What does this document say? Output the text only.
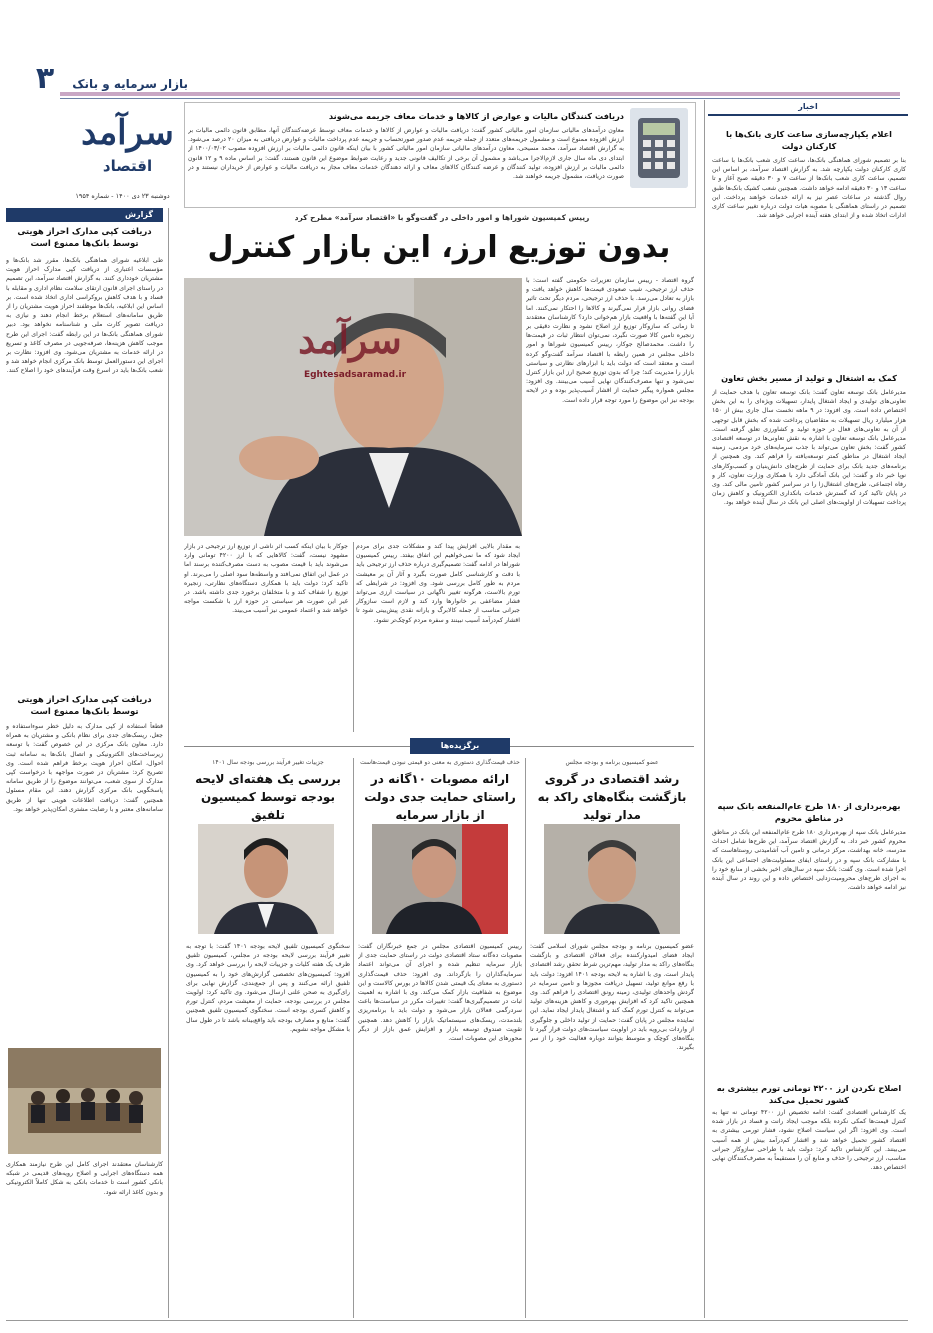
۳	بازار سرمایه و بانک
سرآمد
اقتصاد
دوشنبه ۲۳ دی ۱۴۰۰ - شماره ۱۹۵۴
گزارش
دریافت کپی مدارک احراز هویتی توسط بانک‌ها ممنوع است
طی ابلاغیه شورای هماهنگی بانک‌ها، مقرر شد بانک‌ها و مؤسسات اعتباری از دریافت کپی مدارک احراز هویت مشتریان خودداری کنند. به گزارش اقتصاد سرآمد، این تصمیم در راستای اجرای قانون ارتقای سلامت نظام اداری و مقابله با فساد و با هدف کاهش بروکراسی اداری اتخاذ شده است. بر اساس این ابلاغیه، بانک‌ها موظفند احراز هویت مشتریان را از طریق سامانه‌های استعلام برخط انجام دهند و نیازی به دریافت تصویر کارت ملی و شناسنامه نخواهد بود. دبیر شورای هماهنگی بانک‌ها در این رابطه گفت: اجرای این طرح موجب کاهش هزینه‌ها، صرفه‌جویی در مصرف کاغذ و تسریع در ارائه خدمات به مشتریان می‌شود. وی افزود: نظارت بر اجرای این دستورالعمل توسط بانک مرکزی انجام خواهد شد و شعب بانک‌ها باید در اسرع وقت فرآیندهای خود را اصلاح کنند.
دریافت کپی مدارک احراز هویتی توسط بانک‌ها ممنوع است
قطعاً استفاده از کپی مدارک به دلیل خطر سوءاستفاده و جعل، ریسک‌های جدی برای نظام بانکی و مشتریان به همراه دارد. معاون بانک مرکزی در این خصوص گفت: با توسعه زیرساخت‌های الکترونیکی و اتصال بانک‌ها به سامانه ثبت احوال، امکان احراز هویت برخط فراهم شده است. وی تصریح کرد: مشتریان در صورت مواجهه با درخواست کپی مدارک از سوی شعب، می‌توانند موضوع را از طریق سامانه پاسخگویی بانک مرکزی گزارش دهند. این مقام مسئول همچنین گفت: دریافت اطلاعات هویتی تنها از طریق سامانه‌های معتبر و با رضایت مشتری امکان‌پذیر خواهد بود.
کارشناسان معتقدند اجرای کامل این طرح نیازمند همکاری همه دستگاه‌های اجرایی و اصلاح رویه‌های قدیمی در شبکه بانکی کشور است تا خدمات بانکی به شکل کاملاً الکترونیکی و بدون کاغذ ارائه شود.
اخبار
اعلام یکپارچه‌سازی ساعت کاری بانک‌ها با کارکنان دولت
بنا بر تصمیم شورای هماهنگی بانک‌ها، ساعت کاری شعب بانک‌ها با ساعت کاری کارکنان دولت یکپارچه شد. به گزارش اقتصاد سرآمد، بر اساس این تصمیم، ساعت کاری شعب بانک‌ها از ساعت ۷ و ۳۰ دقیقه صبح آغاز و تا ساعت ۱۳ و ۳۰ دقیقه ادامه خواهد داشت. همچنین شعب کشیک بانک‌ها طبق روال گذشته در ساعات عصر نیز به ارائه خدمات خواهند پرداخت. این تصمیم در راستای هماهنگی با مصوبه هیات دولت درباره تغییر ساعت کاری ادارات اتخاذ شده و از ابتدای هفته آینده اجرایی خواهد شد.
کمک به اشتغال و تولید از مسیر بخش تعاون
مدیرعامل بانک توسعه تعاون گفت: بانک توسعه تعاون با هدف حمایت از تعاونی‌های تولیدی و ایجاد اشتغال پایدار، تسهیلات ویژه‌ای را به این بخش اختصاص داده است. وی افزود: در ۹ ماهه نخست سال جاری بیش از ۱۵۰ هزار میلیارد ریال تسهیلات به متقاضیان پرداخت شده که بخش قابل توجهی از آن به تعاونی‌های فعال در حوزه تولید و کشاورزی تعلق گرفته است. مدیرعامل بانک توسعه تعاون با اشاره به نقش تعاونی‌ها در توسعه اقتصادی کشور گفت: بخش تعاون می‌تواند با جذب سرمایه‌های خرد مردمی، زمینه ایجاد اشتغال در مناطق کمتر توسعه‌یافته را فراهم کند. وی همچنین از برنامه‌های جدید بانک برای حمایت از طرح‌های دانش‌بنیان و کسب‌وکارهای نوپا خبر داد و گفت: این بانک آمادگی دارد با همکاری وزارت تعاون، کار و رفاه اجتماعی، طرح‌های اشتغال‌زا را در سراسر کشور تامین مالی کند. وی در پایان تاکید کرد که گسترش خدمات بانکداری الکترونیک و کاهش زمان پرداخت تسهیلات از اولویت‌های اصلی این بانک در سال آینده خواهد بود.
بهره‌برداری از ۱۸۰ طرح عام‌المنفعه بانک سپه در مناطق محروم
مدیرعامل بانک سپه از بهره‌برداری ۱۸۰ طرح عام‌المنفعه این بانک در مناطق محروم کشور خبر داد. به گزارش اقتصاد سرآمد، این طرح‌ها شامل احداث مدرسه، خانه بهداشت، مرکز درمانی و تامین آب آشامیدنی روستاهاست که با مشارکت بانک سپه و در راستای ایفای مسئولیت‌های اجتماعی این بانک اجرا شده است. وی گفت: بانک سپه در سال‌های اخیر بخشی از منابع خود را به اجرای طرح‌های محرومیت‌زدایی اختصاص داده و این روند در سال آینده نیز ادامه خواهد داشت.
اصلاح نکردن ارز ۴۲۰۰ تومانی تورم بیشتری به کشور تحمیل می‌کند
یک کارشناس اقتصادی گفت: ادامه تخصیص ارز ۴۲۰۰ تومانی نه تنها به کنترل قیمت‌ها کمکی نکرده بلکه موجب ایجاد رانت و فساد در بازار شده است. وی افزود: اگر این سیاست اصلاح نشود، فشار تورمی بیشتری به اقتصاد کشور تحمیل خواهد شد و اقشار کم‌درآمد بیش از همه آسیب می‌بینند. این کارشناس تاکید کرد: دولت باید با طراحی سازوکار جبرانی مناسب، ارز ترجیحی را حذف و منابع آن را مستقیماً به مصرف‌کنندگان نهایی اختصاص دهد.
دریافت کنندگان مالیات و عوارض از کالاها و خدمات معاف جریمه می‌شوند
معاون درآمدهای مالیاتی سازمان امور مالیاتی کشور گفت: دریافت مالیات و عوارض از کالاها و خدمات معاف توسط عرضه‌کنندگان آنها، مطابق قانون دائمی مالیات بر ارزش افزوده ممنوع است و مشمول جریمه‌های متعدد از جمله جریمه عدم صدور صورتحساب و جریمه عدم پرداخت مالیات و عوارض دریافتی به میزان ۲۰ درصد می‌شود. به گزارش اقتصاد سرآمد، محمد مسیحی، معاون درآمدهای مالیاتی سازمان امور مالیاتی کشور با بیان اینکه قانون دائمی مالیات بر ارزش افزوده مصوب ۱۴۰۰/۰۳/۰۲ از ابتدای دی ماه سال جاری لازم‌الاجرا می‌باشد و مشمول آن برخی از تکالیف قانونی جدید و رعایت ضوابط موضوع این قانون هستند، گفت: بر اساس ماده ۹ و ۱۲ قانون دائمی مالیات بر ارزش افزوده، تولید کنندگان و عرضه کنندگان کالاهای معاف و ارائه دهندگان خدمات معاف مجاز به دریافت مالیات و عوارض از خریداران نیستند و در صورت دریافت، مشمول جریمه خواهند شد.
رییس کمیسیون شوراها و امور داخلی در گفت‌وگو با «اقتصاد سرآمد» مطرح کرد
بدون توزیع ارز، این بازار کنترل
سرآمد
Eghtesadsaramad.ir
گروه اقتصاد - رییس سازمان تعزیرات حکومتی گفته است: با حذف ارز ترجیحی، شیب صعودی قیمت‌ها کاهش خواهد یافت و بازار به تعادل می‌رسد. با حذف ارز ترجیحی، مردم دیگر تحت تاثیر فضای روانی بازار قرار نمی‌گیرند و کالاها را احتکار نمی‌کنند. اما آیا این گفته‌ها با واقعیت بازار هم‌خوانی دارد؟ کارشناسان معتقدند تا زمانی که سازوکار توزیع ارز اصلاح نشود و نظارت دقیقی بر زنجیره تامین کالا صورت نگیرد، نمی‌توان انتظار ثبات در قیمت‌ها را داشت. محمدصالح جوکار، رییس کمیسیون شوراها و امور داخلی مجلس در همین رابطه با اقتصاد سرآمد گفت‌وگو کرده است و معتقد است که دولت باید با ابزارهای نظارتی و سیاستی بازار را مدیریت کند؛ چرا که بدون توزیع صحیح ارز این بازار کنترل نمی‌شود و تنها مصرف‌کنندگان نهایی آسیب می‌بینند. وی افزود: مجلس همواره پیگیر حمایت از اقشار آسیب‌پذیر بوده و در لایحه بودجه نیز این موضوع را مورد توجه قرار داده است.
جوکار با بیان اینکه کسب اثر ناشی از توزیع ارز ترجیحی در بازار مشهود نیست، گفت: کالاهایی که با ارز ۴۲۰۰ تومانی وارد می‌شوند باید با قیمت مصوب به دست مصرف‌کننده برسند اما در عمل این اتفاق نمی‌افتد و واسطه‌ها سود اصلی را می‌برند. او تاکید کرد: دولت باید با همکاری دستگاه‌های نظارتی، زنجیره توزیع را شفاف کند و با متخلفان برخورد جدی داشته باشد. در غیر این صورت هر سیاستی در حوزه ارز با شکست مواجه خواهد شد و اعتماد عمومی نیز آسیب می‌بیند.
به مقدار بالایی افزایش پیدا کند و مشکلات جدی برای مردم ایجاد شود که ما نمی‌خواهیم این اتفاق بیفتد. رییس کمیسیون شوراها در ادامه گفت: تصمیم‌گیری درباره حذف ارز ترجیحی باید با دقت و کارشناسی کامل صورت بگیرد و آثار آن بر معیشت مردم به طور کامل بررسی شود. وی افزود: در شرایطی که تورم بالاست، هرگونه تغییر ناگهانی در سیاست ارزی می‌تواند فشار مضاعفی بر خانوارها وارد کند و لازم است سازوکار جبرانی مناسب از جمله کالابرگ و یارانه نقدی پیش‌بینی شود تا اقشار کم‌درآمد آسیب نبینند و سفره مردم کوچک‌تر نشود.
برگزیده‌ها
عضو کمیسیون برنامه و بودجه مجلس
رشد اقتصادی در گروی بازگشت بنگاه‌های راکد به مدار تولید
عضو کمیسیون برنامه و بودجه مجلس شورای اسلامی گفت: ایجاد فضای امیدوارکننده برای فعالان اقتصادی و بازگشت بنگاه‌های راکد به مدار تولید، مهم‌ترین شرط تحقق رشد اقتصادی پایدار است. وی با اشاره به لایحه بودجه ۱۴۰۱ افزود: دولت باید با رفع موانع تولید، تسهیل دریافت مجوزها و تامین سرمایه در گردش واحدهای تولیدی، زمینه رونق اقتصادی را فراهم کند. وی همچنین تاکید کرد که افزایش بهره‌وری و کاهش هزینه‌های تولید می‌تواند به کنترل تورم کمک کند و اشتغال پایدار ایجاد نماید. این نماینده مجلس در پایان گفت: حمایت از تولید داخلی و جلوگیری از واردات بی‌رویه باید در اولویت سیاست‌های دولت قرار گیرد تا بنگاه‌های کوچک و متوسط بتوانند دوباره فعالیت خود را از سر بگیرند.
حذف قیمت‌گذاری دستوری به معنی دو قیمتی نبودن قیمت‌هاست
ارائه مصوبات ۱۰گانه در راستای حمایت جدی دولت از بازار سرمایه
رییس کمیسیون اقتصادی مجلس در جمع خبرنگاران گفت: مصوبات ده‌گانه ستاد اقتصادی دولت در راستای حمایت جدی از بازار سرمایه تنظیم شده و اجرای آن می‌تواند اعتماد سرمایه‌گذاران را بازگرداند. وی افزود: حذف قیمت‌گذاری دستوری به معنای یک قیمتی شدن کالاها در بورس کالاست و این موضوع به شفافیت بازار کمک می‌کند. وی با اشاره به اهمیت ثبات در تصمیم‌گیری‌ها گفت: تغییرات مکرر در سیاست‌ها باعث سردرگمی فعالان بازار می‌شود و دولت باید با برنامه‌ریزی بلندمدت، ریسک‌های سیستماتیک بازار را کاهش دهد. همچنین تقویت صندوق توسعه بازار و افزایش عمق بازار از دیگر محورهای این مصوبات است.
جزییات تغییر فرآیند بررسی بودجه سال ۱۴۰۱
بررسی یک هفته‌ای لایحه بودجه توسط کمیسیون تلفیق
سخنگوی کمیسیون تلفیق لایحه بودجه ۱۴۰۱ گفت: با توجه به تغییر فرآیند بررسی لایحه بودجه در مجلس، کمیسیون تلفیق ظرف یک هفته کلیات و جزییات لایحه را بررسی خواهد کرد. وی افزود: کمیسیون‌های تخصصی گزارش‌های خود را به کمیسیون تلفیق ارائه می‌کنند و پس از جمع‌بندی، گزارش نهایی برای رای‌گیری به صحن علنی ارسال می‌شود. وی تاکید کرد: اولویت مجلس در بررسی بودجه، حمایت از معیشت مردم، کنترل تورم و کاهش کسری بودجه است. سخنگوی کمیسیون تلفیق همچنین گفت: منابع و مصارف بودجه باید واقع‌بینانه باشد تا در طول سال با مشکل مواجه نشویم.
